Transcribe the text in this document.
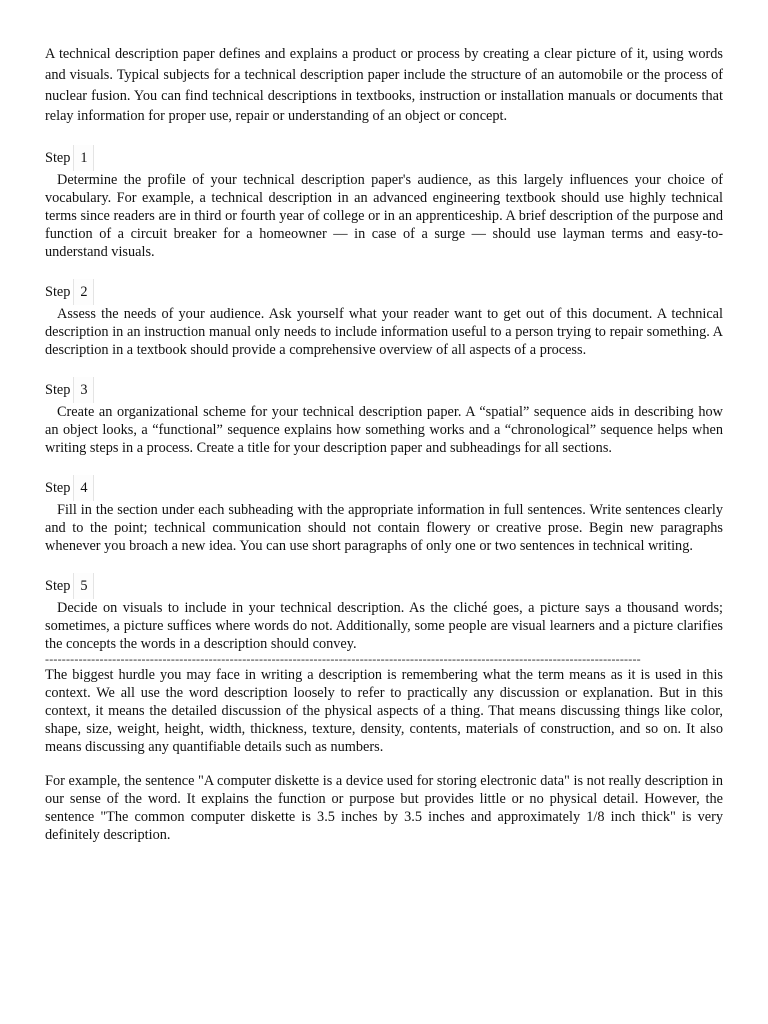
A technical description paper defines and explains a product or process by creating a clear picture of it, using words and visuals. Typical subjects for a technical description paper include the structure of an automobile or the process of nuclear fusion. You can find technical descriptions in textbooks, instruction or installation manuals or documents that relay information for proper use, repair or understanding of an object or concept.

Step 1

Determine the profile of your technical description paper's audience, as this largely influences your choice of vocabulary. For example, a technical description in an advanced engineering textbook should use highly technical terms since readers are in third or fourth year of college or in an apprenticeship. A brief description of the purpose and function of a circuit breaker for a homeowner — in case of a surge — should use layman terms and easy-to-understand visuals.

Step 2

Assess the needs of your audience. Ask yourself what your reader want to get out of this document. A technical description in an instruction manual only needs to include information useful to a person trying to repair something. A description in a textbook should provide a comprehensive overview of all aspects of a process.

Step 3

Create an organizational scheme for your technical description paper. A “spatial” sequence aids in describing how an object looks, a “functional” sequence explains how something works and a “chronological” sequence helps when writing steps in a process. Create a title for your description paper and subheadings for all sections.

Step 4

Fill in the section under each subheading with the appropriate information in full sentences. Write sentences clearly and to the point; technical communication should not contain flowery or creative prose. Begin new paragraphs whenever you broach a new idea. You can use short paragraphs of only one or two sentences in technical writing.

Step 5

Decide on visuals to include in your technical description. As the cliché goes, a picture says a thousand words; sometimes, a picture suffices where words do not. Additionally, some people are visual learners and a picture clarifies the concepts the words in a description should convey.

----------------------------------------------------------------------------------------------------------------------------------------------

The biggest hurdle you may face in writing a description is remembering what the term means as it is used in this context. We all use the word description loosely to refer to practically any discussion or explanation. But in this context, it means the detailed discussion of the physical aspects of a thing. That means discussing things like color, shape, size, weight, height, width, thickness, texture, density, contents, materials of construction, and so on. It also means discussing any quantifiable details such as numbers.

For example, the sentence "A computer diskette is a device used for storing electronic data" is not really description in our sense of the word. It explains the function or purpose but provides little or no physical detail. However, the sentence "The common computer diskette is 3.5 inches by 3.5 inches and approximately 1/8 inch thick" is very definitely description.
